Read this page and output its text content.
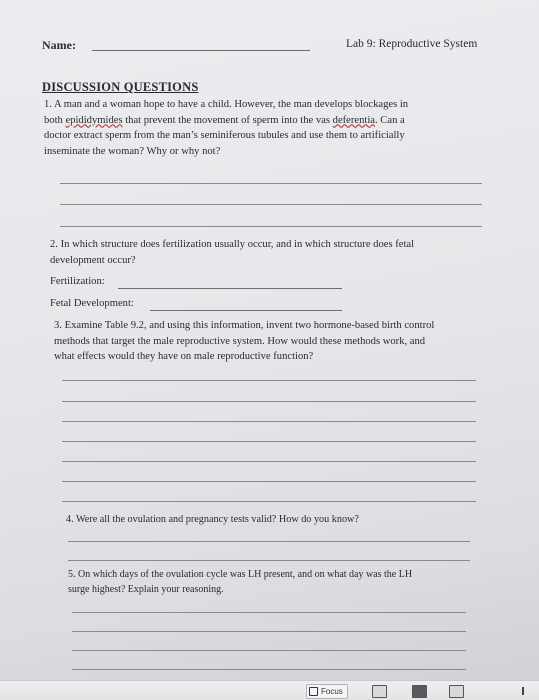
Name:	Lab 9: Reproductive System
DISCUSSION QUESTIONS
1. A man and a woman hope to have a child. However, the man develops blockages in
both epididymides that prevent the movement of sperm into the vas deferentia. Can a
doctor extract sperm from the man’s seminiferous tubules and use them to artificially
inseminate the woman? Why or why not?
2. In which structure does fertilization usually occur, and in which structure does fetal
development occur?
Fertilization:
Fetal Development:
3. Examine Table 9.2, and using this information, invent two hormone-based birth control
methods that target the male reproductive system. How would these methods work, and
what effects would they have on male reproductive function?
4. Were all the ovulation and pregnancy tests valid? How do you know?
5. On which days of the ovulation cycle was LH present, and on what day was the LH
surge highest? Explain your reasoning.
Focus
